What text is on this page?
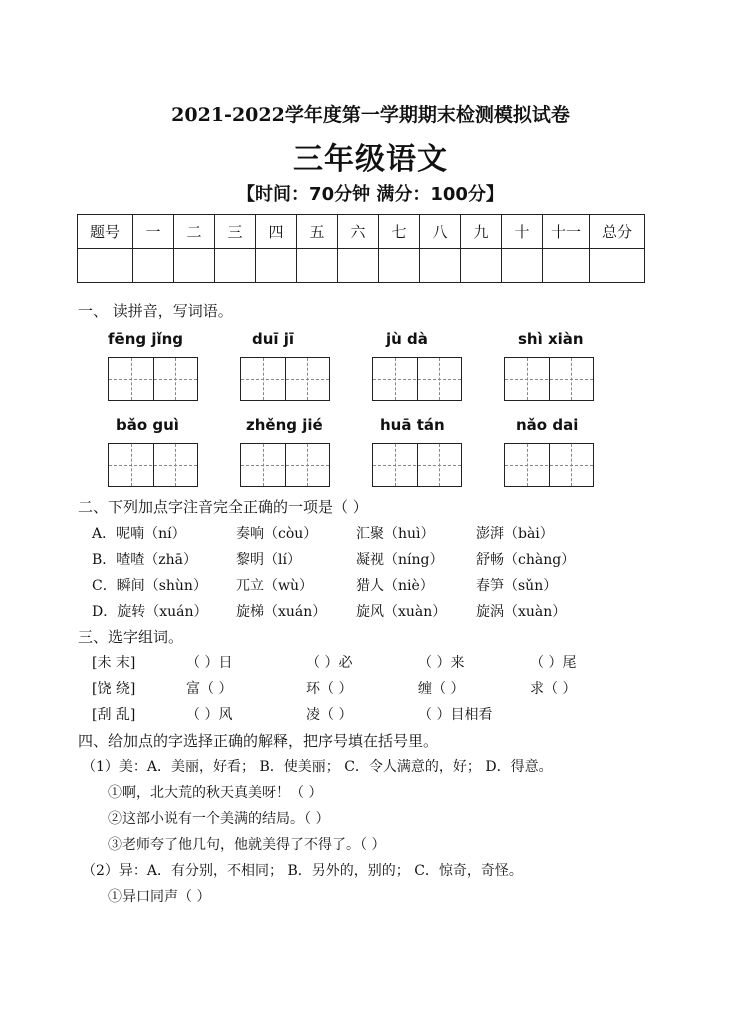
2021-2022学年度第一学期期末检测模拟试卷
三年级语文
【时间：70分钟 满分：100分】
题号	一	二	三	四	五	六	七	八	九	十	十一	总分

一、 读拼音，写词语。
fēng jǐng	duī jī	jù dà	shì xiàn
bǎo guì	zhěng jié	huā tán	nǎo dai
二、下列加点字注音完全正确的一项是（ ）
A．呢喃（ní）	奏响（còu）	汇聚（huì）	澎湃（bài）
B．喳喳（zhā）	黎明（lí）	凝视（níng） 舒畅（chàng）
C．瞬间（shùn） 兀立（wù）	猎人（niè）	春笋（sǔn）
D．旋转（xuán） 旋梯（xuán） 旋风（xuàn） 旋涡（xuàn）
三、选字组词。
[未 末]	（ ）日	（ ）必	（ ）来	（ ）尾
[饶 绕]	富（ ）	环（ ）	缠（ ）	求（ ）
[刮 乱]	（ ）风	凌（ ）	（ ）目相看
四、给加点的字选择正确的解释，把序号填在括号里。
（1）美：A．美丽，好看； B．使美丽； C．令人满意的，好； D．得意。
①啊，北大荒的秋天真美呀！（ ）
②这部小说有一个美满的结局。（ ）
③老师夸了他几句，他就美得了不得了。（ ）
（2）异：A．有分别，不相同； B．另外的，别的； C．惊奇，奇怪。
①异口同声（ ）
